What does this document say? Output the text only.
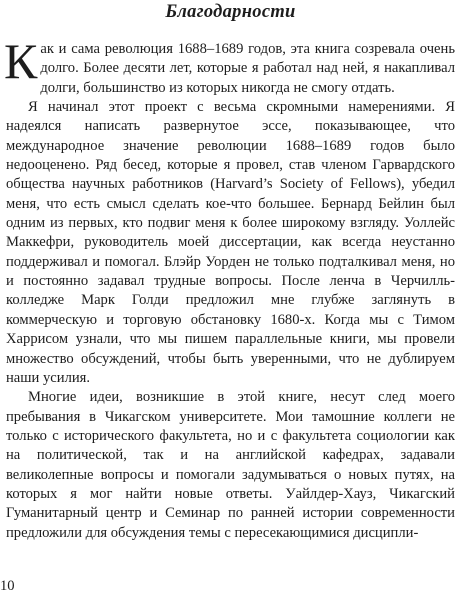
Благодарности

Как и сама революция 1688–1689 годов, эта книга созревала очень долго. Более десяти лет, которые я работал над ней, я накапливал долги, большинство из которых никогда не смогу отдать.

Я начинал этот проект с весьма скромными намерениями. Я надеялся написать развернутое эссе, показывающее, что международное значение революции 1688–1689 годов было недооценено. Ряд бесед, которые я провел, став членом Гарвардского общества научных работников (Harvard’s Society of Fellows), убедил меня, что есть смысл сделать кое-что большее. Бернард Бейлин был одним из первых, кто подвиг меня к более широкому взгляду. Уоллейс Маккефри, руководитель моей диссертации, как всегда неустанно поддерживал и помогал. Блэйр Уорден не только подталкивал меня, но и постоянно задавал трудные вопросы. После ленча в Черчилль-колледже Марк Голди предложил мне глубже заглянуть в коммерческую и торговую обстановку 1680-х. Когда мы с Тимом Харрисом узнали, что мы пишем параллельные книги, мы провели множество обсуждений, чтобы быть уверенными, что не дублируем наши усилия.

Многие идеи, возникшие в этой книге, несут след моего пребывания в Чикагском университете. Мои тамошние коллеги не только с исторического факультета, но и с факультета социологии как на политической, так и на английской кафедрах, задавали великолепные вопросы и помогали задумываться о новых путях, на которых я мог найти новые ответы. Уайлдер-Хауз, Чикагский Гуманитарный центр и Семинар по ранней истории современности предложили для обсуждения темы с пересекающимися дисципли-

10
